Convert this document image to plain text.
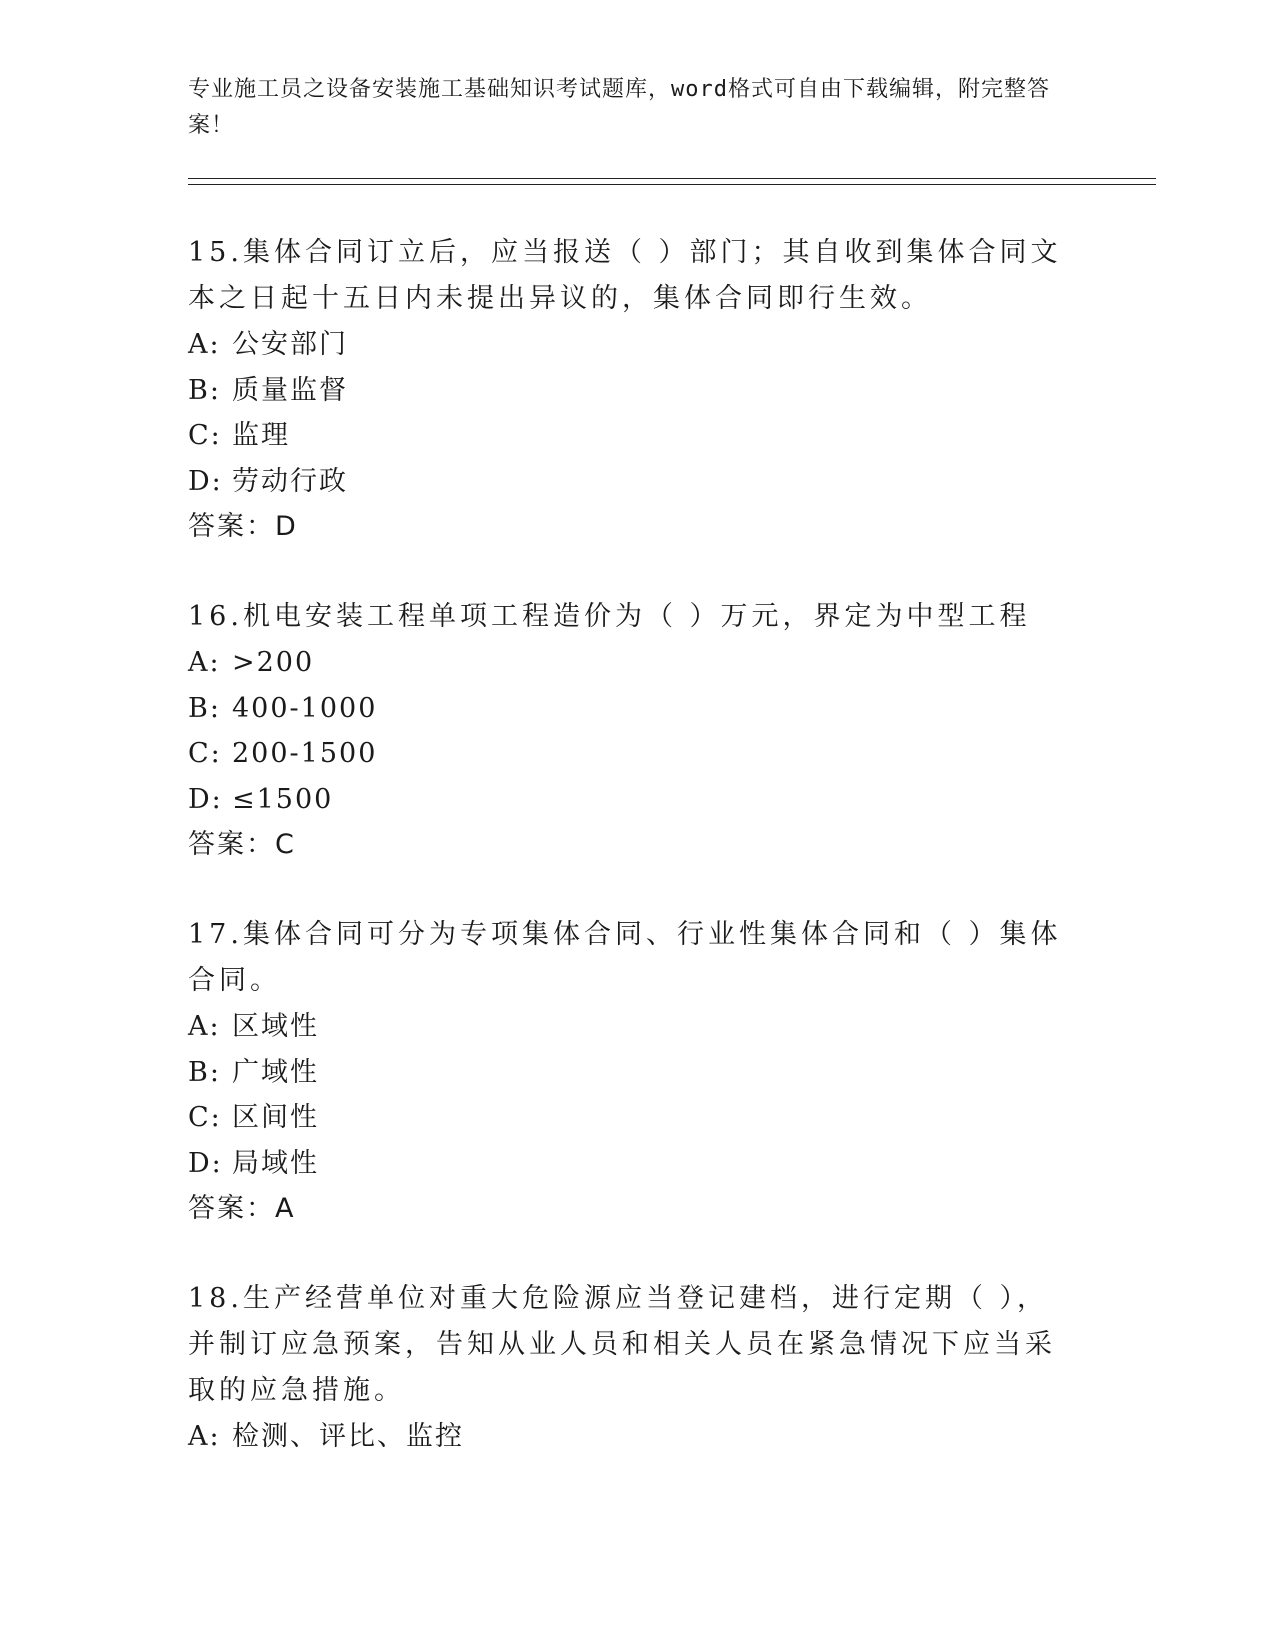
专业施工员之设备安装施工基础知识考试题库，word格式可自由下载编辑，附完整答案！

15.集体合同订立后，应当报送（ ）部门；其自收到集体合同文本之日起十五日内未提出异议的，集体合同即行生效。

A: 公安部门

B: 质量监督

C: 监理

D: 劳动行政

答案：D

16.机电安装工程单项工程造价为（ ）万元，界定为中型工程

A: >200

B: 400-1000

C: 200-1500

D: ≤1500

答案：C

17.集体合同可分为专项集体合同、行业性集体合同和（ ）集体合同。

A: 区域性

B: 广域性

C: 区间性

D: 局域性

答案：A

18.生产经营单位对重大危险源应当登记建档，进行定期（ ），并制订应急预案，告知从业人员和相关人员在紧急情况下应当采取的应急措施。

A: 检测、评比、监控
